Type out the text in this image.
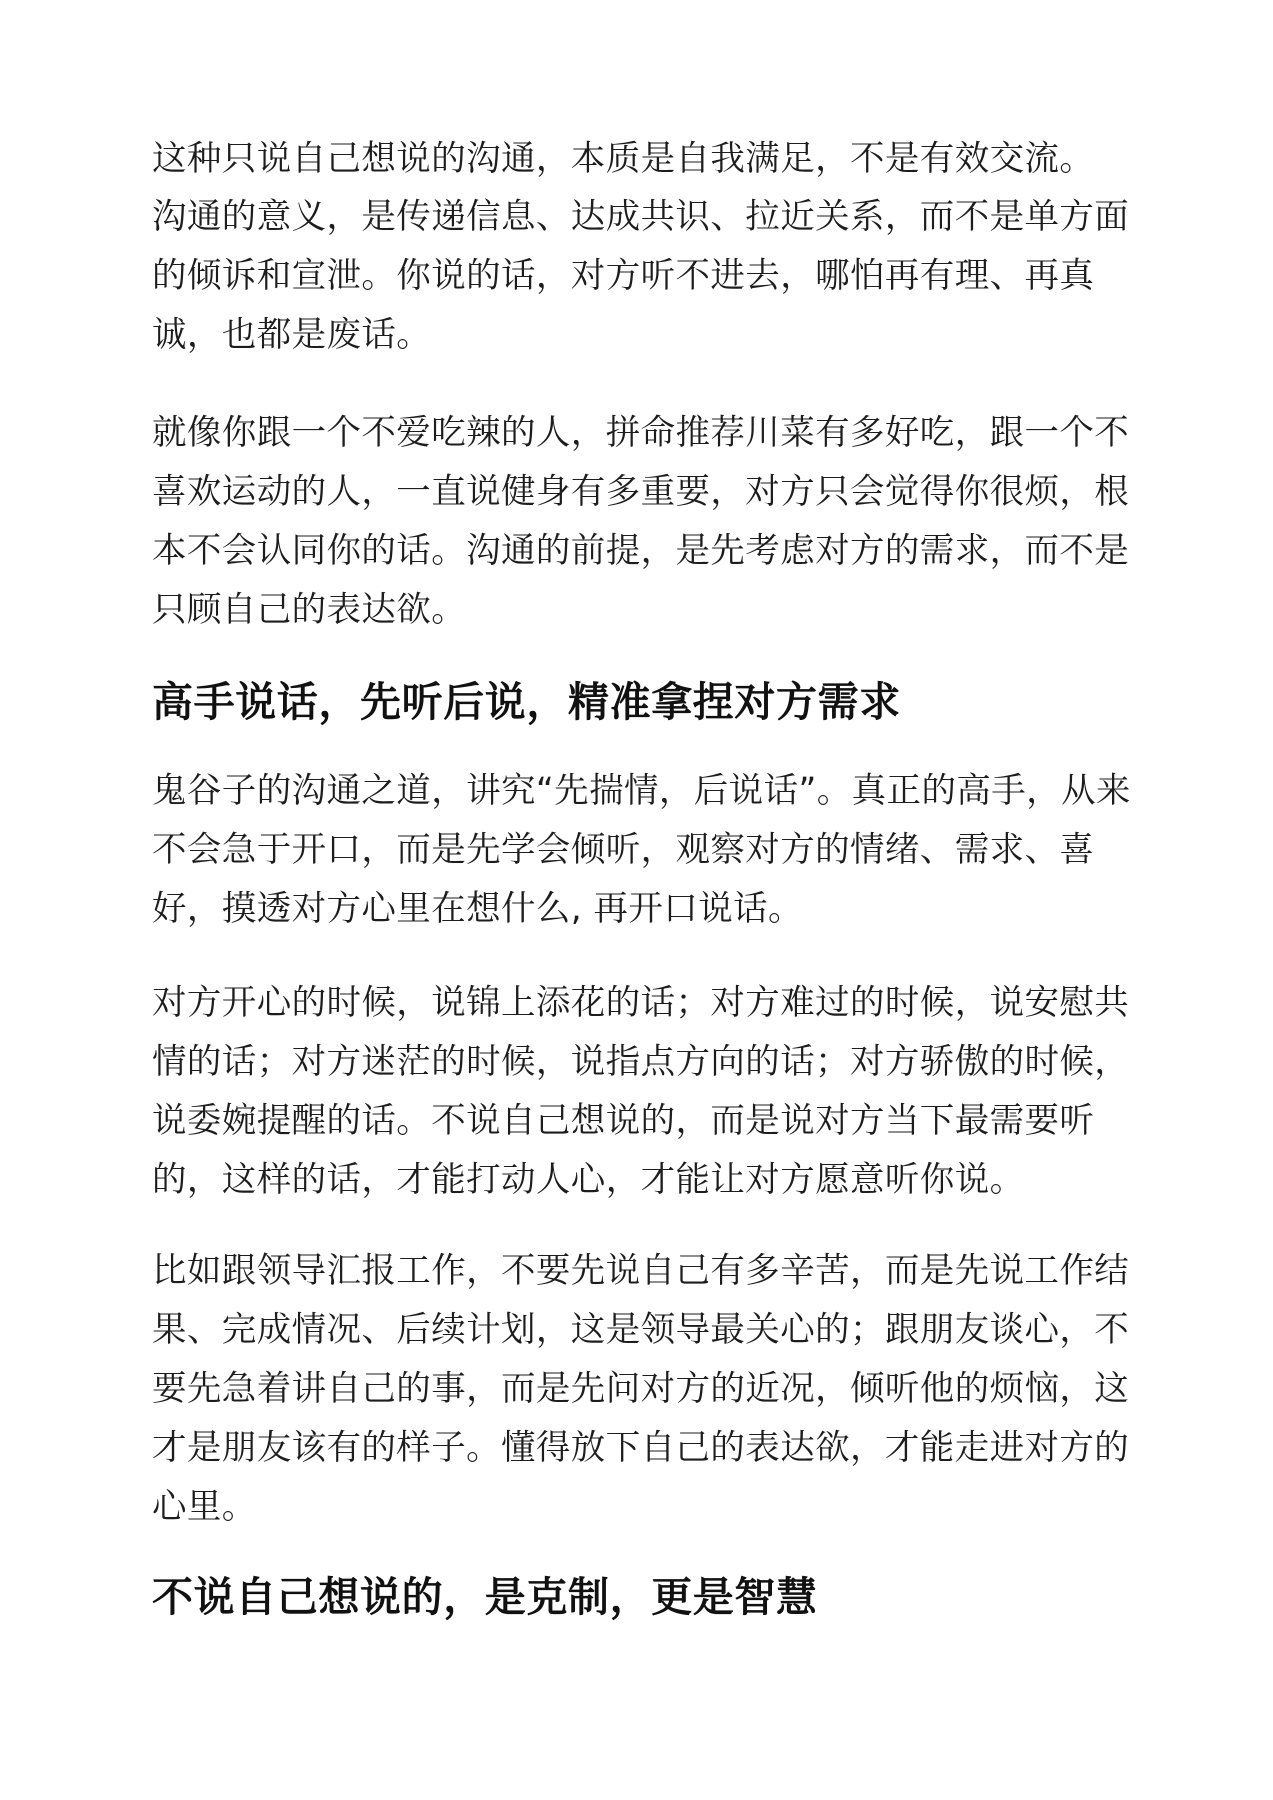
这种只说自己想说的沟通，本质是自我满足，不是有效交流。

沟通的意义，是传递信息、达成共识、拉近关系，而不是单方面
的倾诉和宣泄。你说的话，对方听不进去，哪怕再有理、再真
诚，也都是废话。

就像你跟一个不爱吃辣的人，拼命推荐川菜有多好吃，跟一个不
喜欢运动的人，一直说健身有多重要，对方只会觉得你很烦，根
本不会认同你的话。沟通的前提，是先考虑对方的需求，而不是
只顾自己的表达欲。

高手说话，先听后说，精准拿捏对方需求

鬼谷子的沟通之道，讲究“先揣情，后说话”。真正的高手，从来
不会急于开口，而是先学会倾听，观察对方的情绪、需求、喜
好，摸透对方心里在想什么, 再开口说话。

对方开心的时候，说锦上添花的话；对方难过的时候，说安慰共
情的话；对方迷茫的时候，说指点方向的话；对方骄傲的时候，
说委婉提醒的话。不说自己想说的，而是说对方当下最需要听
的，这样的话，才能打动人心，才能让对方愿意听你说。

比如跟领导汇报工作，不要先说自己有多辛苦，而是先说工作结
果、完成情况、后续计划，这是领导最关心的；跟朋友谈心，不
要先急着讲自己的事，而是先问对方的近况，倾听他的烦恼，这
才是朋友该有的样子。懂得放下自己的表达欲，才能走进对方的
心里。

不说自己想说的，是克制，更是智慧
